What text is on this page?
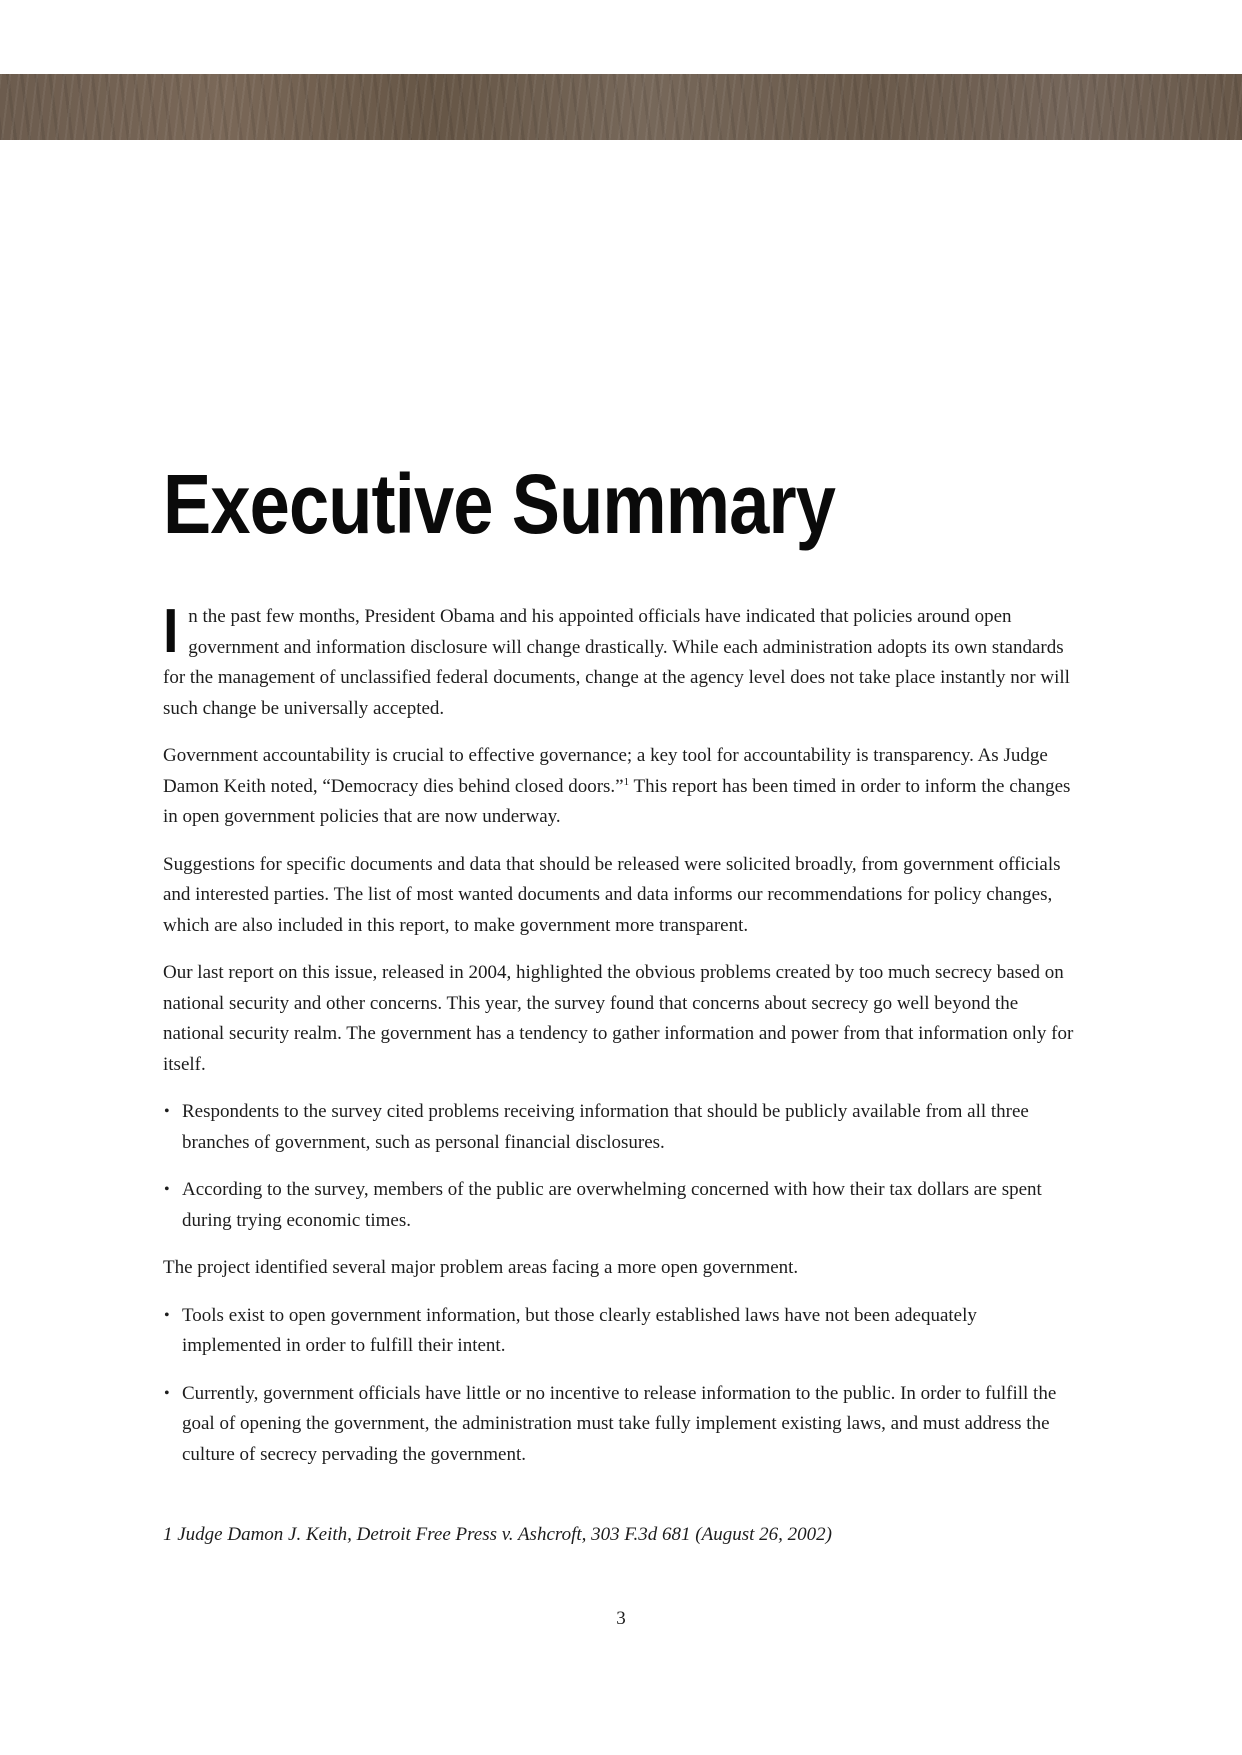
Executive Summary

In the past few months, President Obama and his appointed officials have indicated that policies around open government and information disclosure will change drastically. While each administration adopts its own standards for the management of unclassified federal documents, change at the agency level does not take place instantly nor will such change be universally accepted.

Government accountability is crucial to effective governance; a key tool for accountability is transparency. As Judge Damon Keith noted, “Democracy dies behind closed doors.”$^1$ This report has been timed in order to inform the changes in open government policies that are now underway.

Suggestions for specific documents and data that should be released were solicited broadly, from government officials and interested parties. The list of most wanted documents and data informs our recommendations for policy changes, which are also included in this report, to make government more transparent.

Our last report on this issue, released in 2004, highlighted the obvious problems created by too much secrecy based on national security and other concerns. This year, the survey found that concerns about secrecy go well beyond the national security realm. The government has a tendency to gather information and power from that information only for itself.

• Respondents to the survey cited problems receiving information that should be publicly available from all three branches of government, such as personal financial disclosures.
• According to the survey, members of the public are overwhelming concerned with how their tax dollars are spent during trying economic times.

The project identified several major problem areas facing a more open government.

• Tools exist to open government information, but those clearly established laws have not been adequately implemented in order to fulfill their intent.
• Currently, government officials have little or no incentive to release information to the public. In order to fulfill the goal of opening the government, the administration must take fully implement existing laws, and must address the culture of secrecy pervading the government.

1 Judge Damon J. Keith, Detroit Free Press v. Ashcroft, 303 F.3d 681 (August 26, 2002)

3
